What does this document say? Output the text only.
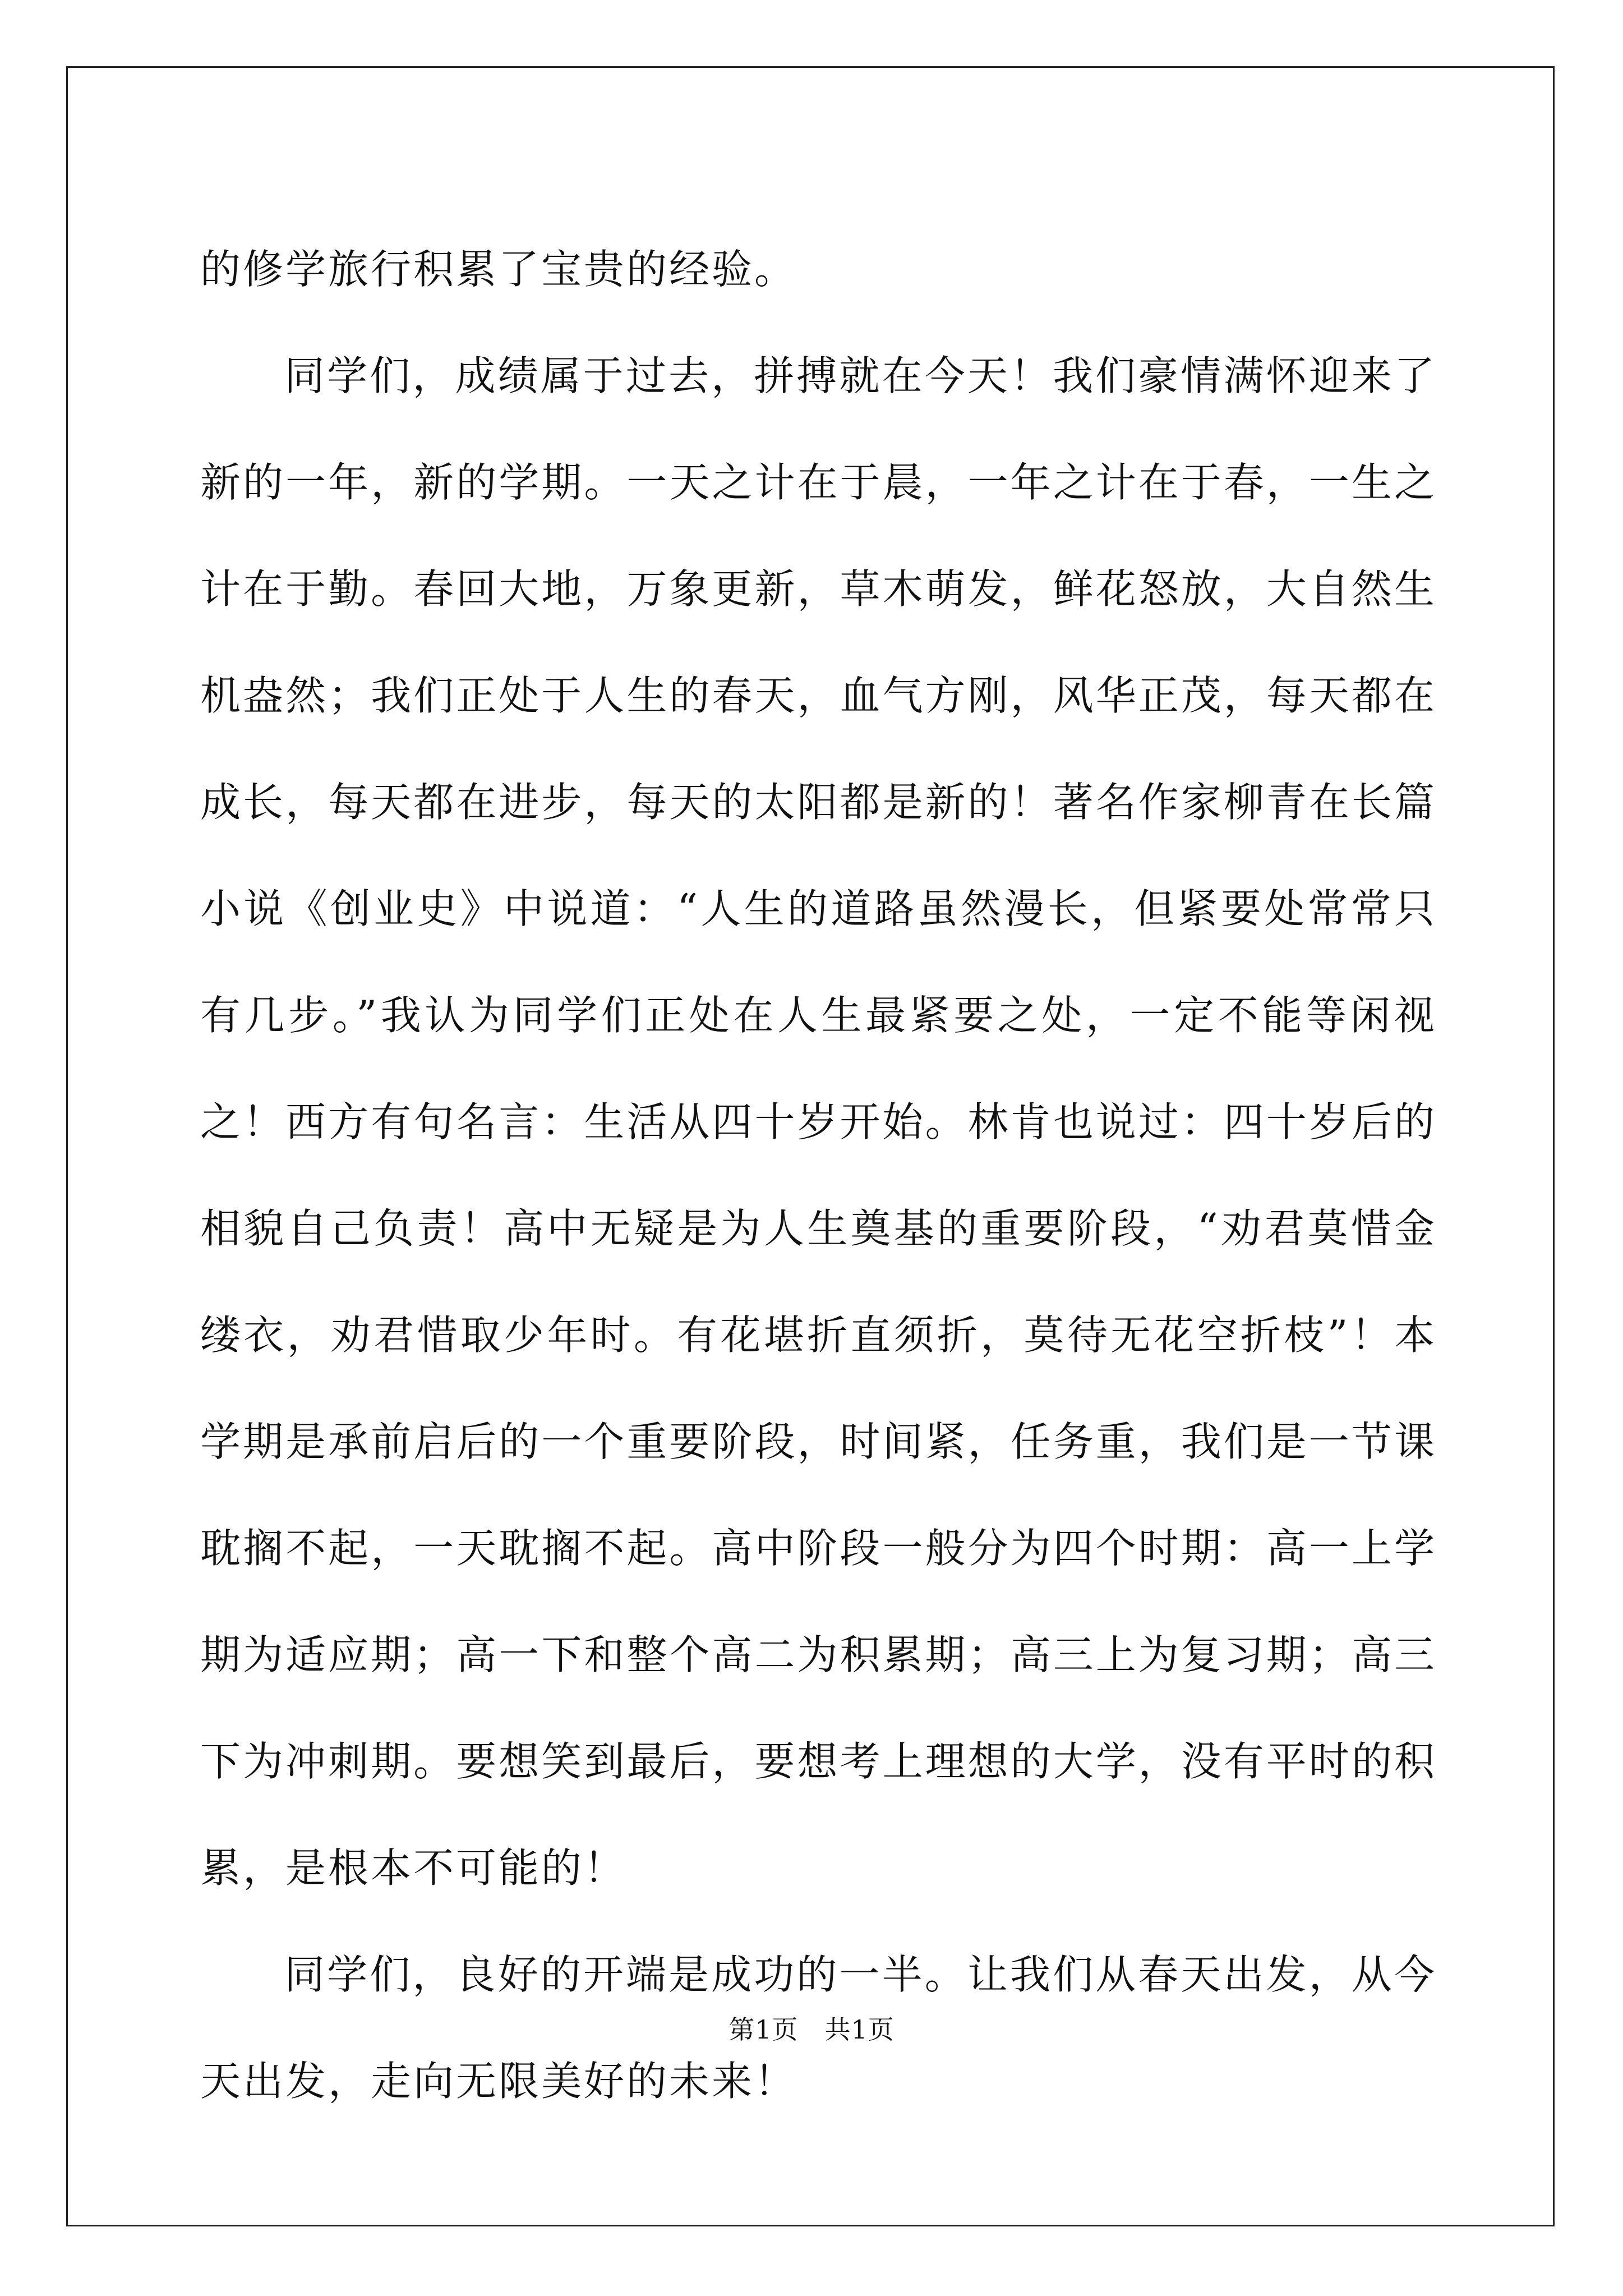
的修学旅行积累了宝贵的经验。

同学们，成绩属于过去，拼搏就在今天！我们豪情满怀迎来了新的一年，新的学期。一天之计在于晨，一年之计在于春，一生之计在于勤。春回大地，万象更新，草木萌发，鲜花怒放，大自然生机盎然；我们正处于人生的春天，血气方刚，风华正茂，每天都在成长，每天都在进步，每天的太阳都是新的！著名作家柳青在长篇小说《创业史》中说道：“人生的道路虽然漫长，但紧要处常常只有几步。”我认为同学们正处在人生最紧要之处，一定不能等闲视之！西方有句名言：生活从四十岁开始。林肯也说过：四十岁后的相貌自己负责！高中无疑是为人生奠基的重要阶段，“劝君莫惜金缕衣，劝君惜取少年时。有花堪折直须折，莫待无花空折枝”！本学期是承前启后的一个重要阶段，时间紧，任务重，我们是一节课耽搁不起，一天耽搁不起。高中阶段一般分为四个时期：高一上学期为适应期；高一下和整个高二为积累期；高三上为复习期；高三下为冲刺期。要想笑到最后，要想考上理想的大学，没有平时的积累，是根本不可能的！

同学们，良好的开端是成功的一半。让我们从春天出发，从今天出发，走向无限美好的未来！

第1页　共1页
